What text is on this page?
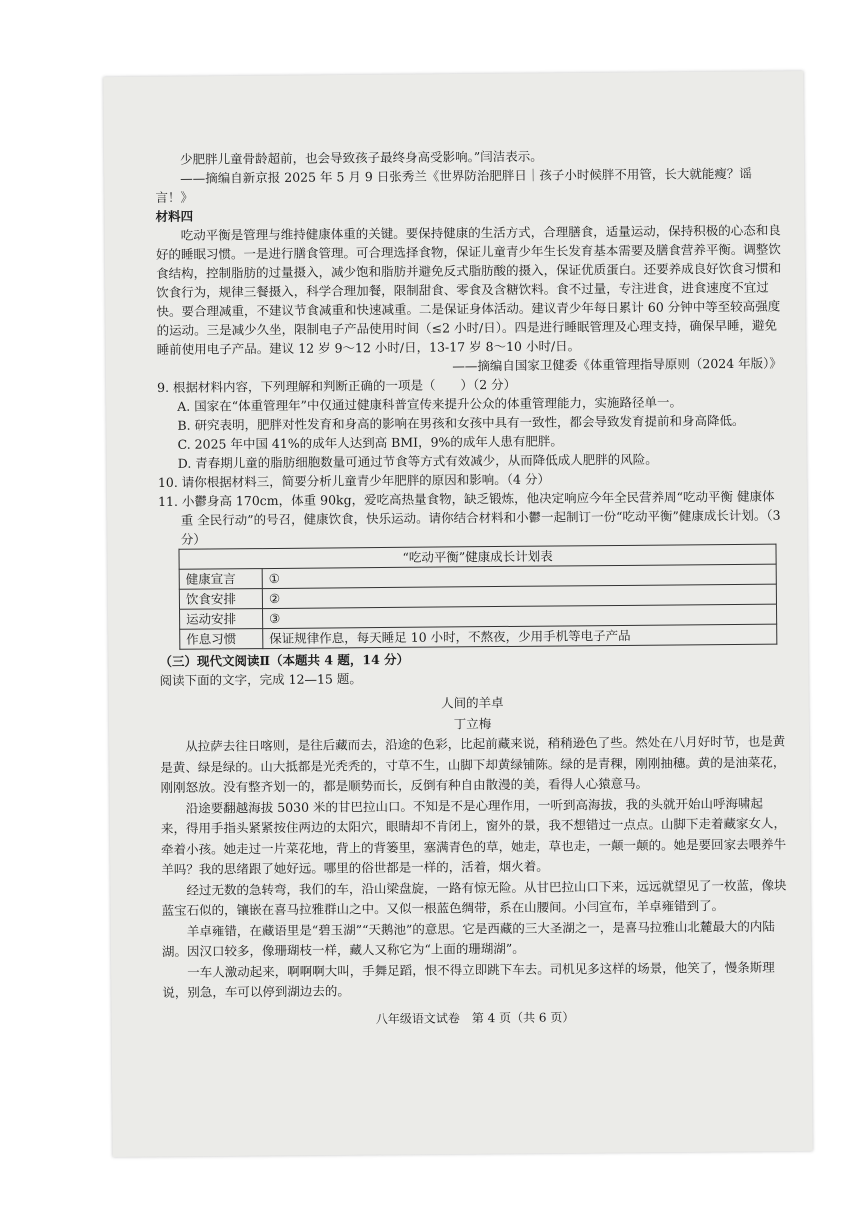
少肥胖儿童骨龄超前，也会导致孩子最终身高受影响。”闫洁表示。

——摘编自新京报 2025 年 5 月 9 日张秀兰《世界防治肥胖日｜孩子小时候胖不用管，长大就能瘦？谣言！》

材料四

吃动平衡是管理与维持健康体重的关键。要保持健康的生活方式，合理膳食，适量运动，保持积极的心态和良好的睡眠习惯。一是进行膳食管理。可合理选择食物，保证儿童青少年生长发育基本需要及膳食营养平衡。调整饮食结构，控制脂肪的过量摄入，减少饱和脂肪并避免反式脂肪酸的摄入，保证优质蛋白。还要养成良好饮食习惯和饮食行为，规律三餐摄入，科学合理加餐，限制甜食、零食及含糖饮料。食不过量，专注进食，进食速度不宜过快。要合理减重，不建议节食减重和快速减重。二是保证身体活动。建议青少年每日累计 60 分钟中等至较高强度的运动。三是减少久坐，限制电子产品使用时间（≤2 小时/日）。四是进行睡眠管理及心理支持，确保早睡，避免睡前使用电子产品。建议 12 岁 9～12 小时/日，13-17 岁 8～10 小时/日。

——摘编自国家卫健委《体重管理指导原则（2024 年版）》

9. 根据材料内容，下列理解和判断正确的一项是（　　）（2 分）

A. 国家在“体重管理年”中仅通过健康科普宣传来提升公众的体重管理能力，实施路径单一。

B. 研究表明，肥胖对性发育和身高的影响在男孩和女孩中具有一致性，都会导致发育提前和身高降低。

C. 2025 年中国 41%的成年人达到高 BMI，9%的成年人患有肥胖。

D. 青春期儿童的脂肪细胞数量可通过节食等方式有效减少，从而降低成人肥胖的风险。

10. 请你根据材料三，简要分析儿童青少年肥胖的原因和影响。（4 分）

11. 小鬱身高 170cm，体重 90kg，爱吃高热量食物，缺乏锻炼，他决定响应今年全民营养周“吃动平衡 健康体重 全民行动”的号召，健康饮食，快乐运动。请你结合材料和小鬱一起制订一份“吃动平衡”健康成长计划。（3 分）

“吃动平衡”健康成长计划表	
健康宣言	①
饮食安排	②
运动安排	③
作息习惯	保证规律作息，每天睡足 10 小时，不熬夜，少用手机等电子产品

（三）现代文阅读Ⅱ（本题共 4 题，14 分）

阅读下面的文字，完成 12—15 题。

人间的羊卓

丁立梅

从拉萨去往日喀则，是往后藏而去，沿途的色彩，比起前藏来说，稍稍逊色了些。然处在八月好时节，也是黄是黄、绿是绿的。山大抵都是光秃秃的，寸草不生，山脚下却黄绿铺陈。绿的是青稞，刚刚抽穗。黄的是油菜花，刚刚怒放。没有整齐划一的，都是顺势而长，反倒有种自由散漫的美，看得人心猿意马。

沿途要翻越海拔 5030 米的甘巴拉山口。不知是不是心理作用，一听到高海拔，我的头就开始山呼海啸起来，得用手指头紧紧按住两边的太阳穴，眼睛却不肯闭上，窗外的景，我不想错过一点点。山脚下走着藏家女人，牵着小孩。她走过一片菜花地，背上的背篓里，塞满青色的草，她走，草也走，一颠一颠的。她是要回家去喂养牛羊吗？我的思绪跟了她好远。哪里的俗世都是一样的，活着，烟火着。

经过无数的急转弯，我们的车，沿山梁盘旋，一路有惊无险。从甘巴拉山口下来，远远就望见了一枚蓝，像块蓝宝石似的，镶嵌在喜马拉雅群山之中。又似一根蓝色绸带，系在山腰间。小闫宣布，羊卓雍错到了。

羊卓雍错，在藏语里是“碧玉湖”“天鹅池”的意思。它是西藏的三大圣湖之一，是喜马拉雅山北麓最大的内陆湖。因汉口较多，像珊瑚枝一样，藏人又称它为“上面的珊瑚湖”。

一车人激动起来，啊啊啊大叫，手舞足蹈，恨不得立即跳下车去。司机见多这样的场景，他笑了，慢条斯理说，别急，车可以停到湖边去的。

八年级语文试卷　第 4 页（共 6 页）
